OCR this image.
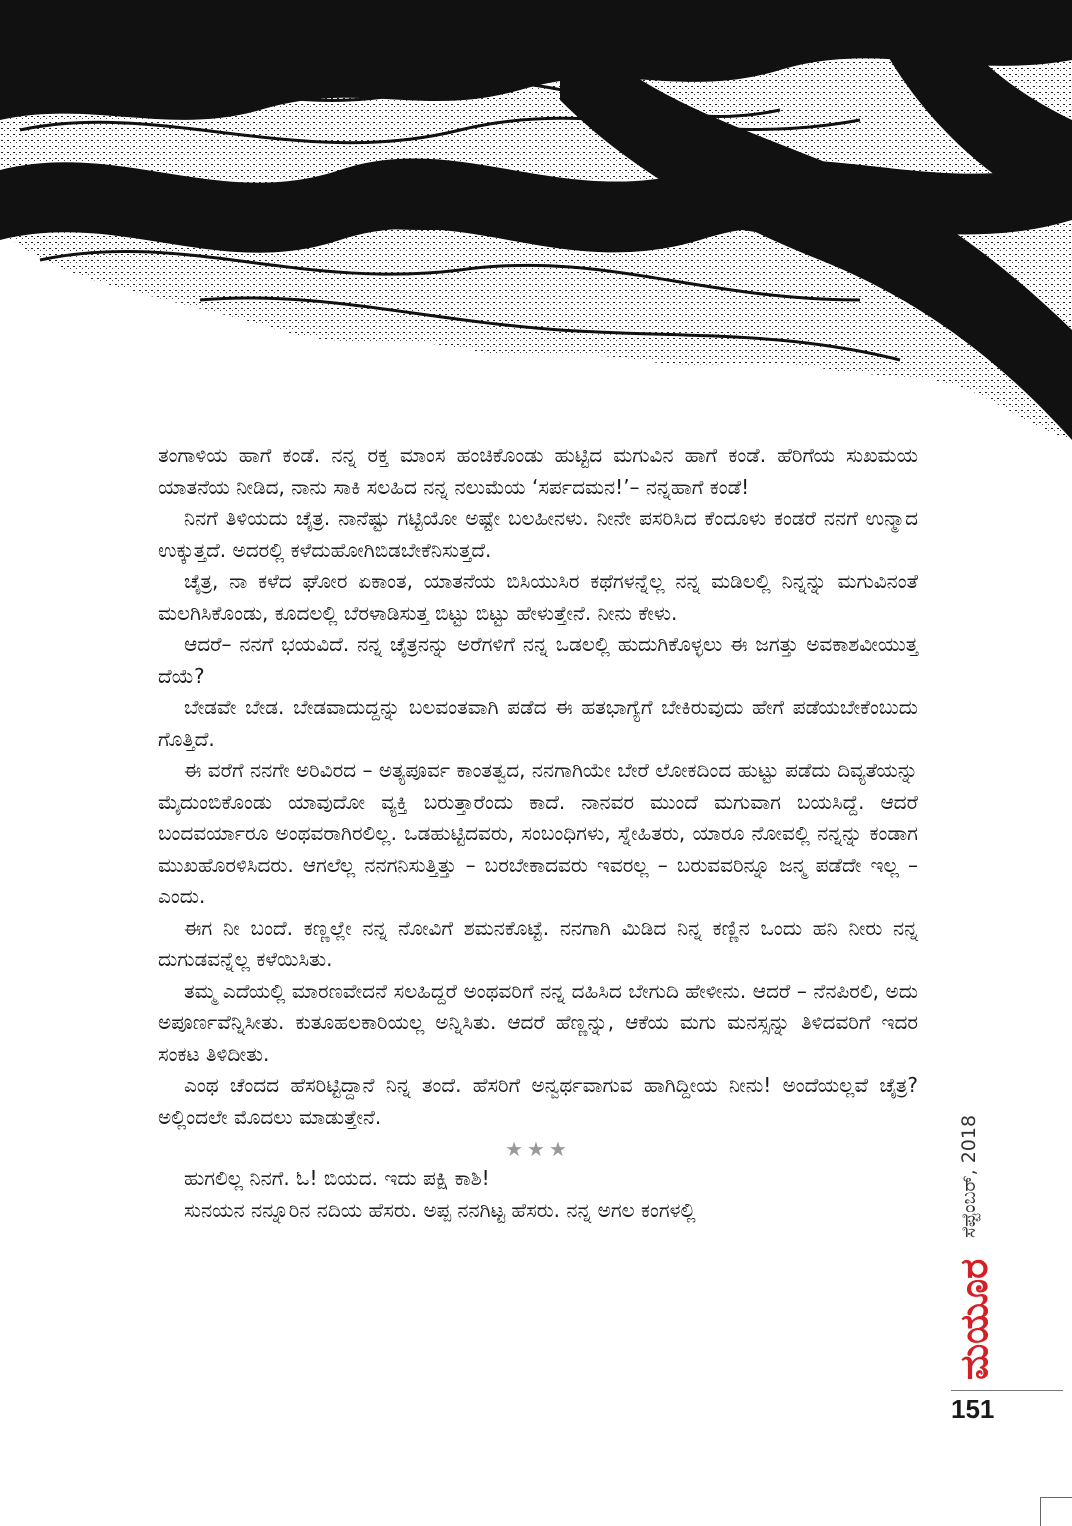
ತಂಗಾಳಿಯ ಹಾಗೆ ಕಂಡೆ. ನನ್ನ ರಕ್ತ ಮಾಂಸ ಹಂಚಿಕೊಂಡು ಹುಟ್ಟಿದ ಮಗುವಿನ ಹಾಗೆ ಕಂಡೆ. ಹೆರಿಗೆಯ ಸುಖಮಯ ಯಾತನೆಯ ನೀಡಿದ, ನಾನು ಸಾಕಿ ಸಲಹಿದ ನನ್ನ ನಲುಮೆಯ ‘ಸರ್ಪದಮನ!’– ನನ್ನಹಾಗೆ ಕಂಡೆ!

ನಿನಗೆ ತಿಳಿಯದು ಚೈತ್ರ. ನಾನೆಷ್ಟು ಗಟ್ಟಿಯೋ ಅಷ್ಟೇ ಬಲಹೀನಳು. ನೀನೇ ಪಸರಿಸಿದ ಕೆಂದೂಳು ಕಂಡರೆ ನನಗೆ ಉನ್ಮಾದ ಉಕ್ಕುತ್ತದೆ. ಅದರಲ್ಲಿ ಕಳೆದುಹೋಗಿಬಿಡಬೇಕೆನಿಸುತ್ತದೆ.

ಚೈತ್ರ, ನಾ ಕಳೆದ ಘೋರ ಏಕಾಂತ, ಯಾತನೆಯ ಬಿಸಿಯುಸಿರ ಕಥೆಗಳನ್ನೆಲ್ಲ ನನ್ನ ಮಡಿಲಲ್ಲಿ ನಿನ್ನನ್ನು ಮಗುವಿನಂತೆ ಮಲಗಿಸಿಕೊಂಡು, ಕೂದಲಲ್ಲಿ ಬೆರಳಾಡಿಸುತ್ತ ಬಿಟ್ಟು ಬಿಟ್ಟು ಹೇಳುತ್ತೇನೆ. ನೀನು ಕೇಳು.

ಆದರೆ– ನನಗೆ ಭಯವಿದೆ. ನನ್ನ ಚೈತ್ರನನ್ನು ಅರೆಗಳಿಗೆ ನನ್ನ ಒಡಲಲ್ಲಿ ಹುದುಗಿಕೊಳ್ಳಲು ಈ ಜಗತ್ತು ಅವಕಾಶವೀಯುತ್ತ ದೆಯೆ?

ಬೇಡವೇ ಬೇಡ. ಬೇಡವಾದುದ್ದನ್ನು ಬಲವಂತವಾಗಿ ಪಡೆದ ಈ ಹತಭಾಗ್ಯೆಗೆ ಬೇಕಿರುವುದು ಹೇಗೆ ಪಡೆಯಬೇಕೆಂಬುದು ಗೊತ್ತಿದೆ.

ಈ ವರೆಗೆ ನನಗೇ ಅರಿವಿರದ – ಅತ್ಯಪೂರ್ವ ಕಾಂತತ್ವದ, ನನಗಾಗಿಯೇ ಬೇರೆ ಲೋಕದಿಂದ ಹುಟ್ಟು ಪಡೆದು ದಿವ್ಯತೆಯನ್ನು ಮೈದುಂಬಿಕೊಂಡು ಯಾವುದೋ ವ್ಯಕ್ತಿ ಬರುತ್ತಾರೆಂದು ಕಾದೆ. ನಾನವರ ಮುಂದೆ ಮಗುವಾಗ ಬಯಸಿದ್ದೆ. ಆದರೆ ಬಂದವರ್ಯಾರೂ ಅಂಥವರಾಗಿರಲಿಲ್ಲ. ಒಡಹುಟ್ಟಿದವರು, ಸಂಬಂಧಿಗಳು, ಸ್ನೇಹಿತರು, ಯಾರೂ ನೋವಲ್ಲಿ ನನ್ನನ್ನು ಕಂಡಾಗ ಮುಖಹೊರಳಿಸಿದರು. ಆಗಲೆಲ್ಲ ನನಗನಿಸುತ್ತಿತ್ತು – ಬರಬೇಕಾದವರು ಇವರಲ್ಲ – ಬರುವವರಿನ್ನೂ ಜನ್ಮ ಪಡೆದೇ ಇಲ್ಲ – ಎಂದು.

ಈಗ ನೀ ಬಂದೆ. ಕಣ್ಣಲ್ಲೇ ನನ್ನ ನೋವಿಗೆ ಶಮನಕೊಟ್ಟೆ. ನನಗಾಗಿ ಮಿಡಿದ ನಿನ್ನ ಕಣ್ಣಿನ ಒಂದು ಹನಿ ನೀರು ನನ್ನ ದುಗುಡವನ್ನೆಲ್ಲ ಕಳೆಯಿಸಿತು.

ತಮ್ಮ ಎದೆಯಲ್ಲಿ ಮಾರಣವೇದನೆ ಸಲಹಿದ್ದರೆ ಅಂಥವರಿಗೆ ನನ್ನ ದಹಿಸಿದ ಬೇಗುದಿ ಹೇಳೀನು. ಆದರೆ – ನೆನಪಿರಲಿ, ಅದು ಅಪೂರ್ಣವೆನ್ನಿಸೀತು. ಕುತೂಹಲಕಾರಿಯಲ್ಲ ಅನ್ನಿಸಿತು. ಆದರೆ ಹೆಣ್ಣನ್ನು, ಆಕೆಯ ಮಗು ಮನಸ್ಸನ್ನು ತಿಳಿದವರಿಗೆ ಇದರ ಸಂಕಟ ತಿಳಿದೀತು.

ಎಂಥ ಚೆಂದದ ಹೆಸರಿಟ್ಟಿದ್ದಾನೆ ನಿನ್ನ ತಂದೆ. ಹೆಸರಿಗೆ ಅನ್ವರ್ಥವಾಗುವ ಹಾಗಿದ್ದೀಯ ನೀನು! ಅಂದೆಯಲ್ಲವೆ ಚೈತ್ರ? ಅಲ್ಲಿಂದಲೇ ಮೊದಲು ಮಾಡುತ್ತೇನೆ.

★★★

ಹುಗಲಿಲ್ಲ ನಿನಗೆ. ಓ! ಬಿಯದ. ಇದು ಪಕ್ಷಿ ಕಾಶಿ!

ಸುನಯನ ನನ್ನೂರಿನ ನದಿಯ ಹೆಸರು. ಅಪ್ಪ ನನಗಿಟ್ಟ ಹೆಸರು. ನನ್ನ ಅಗಲ ಕಂಗಳಲ್ಲಿ	ಸೆಪ್ಟೆಂಬರ್, 2018
ಮಯೂರ
151
